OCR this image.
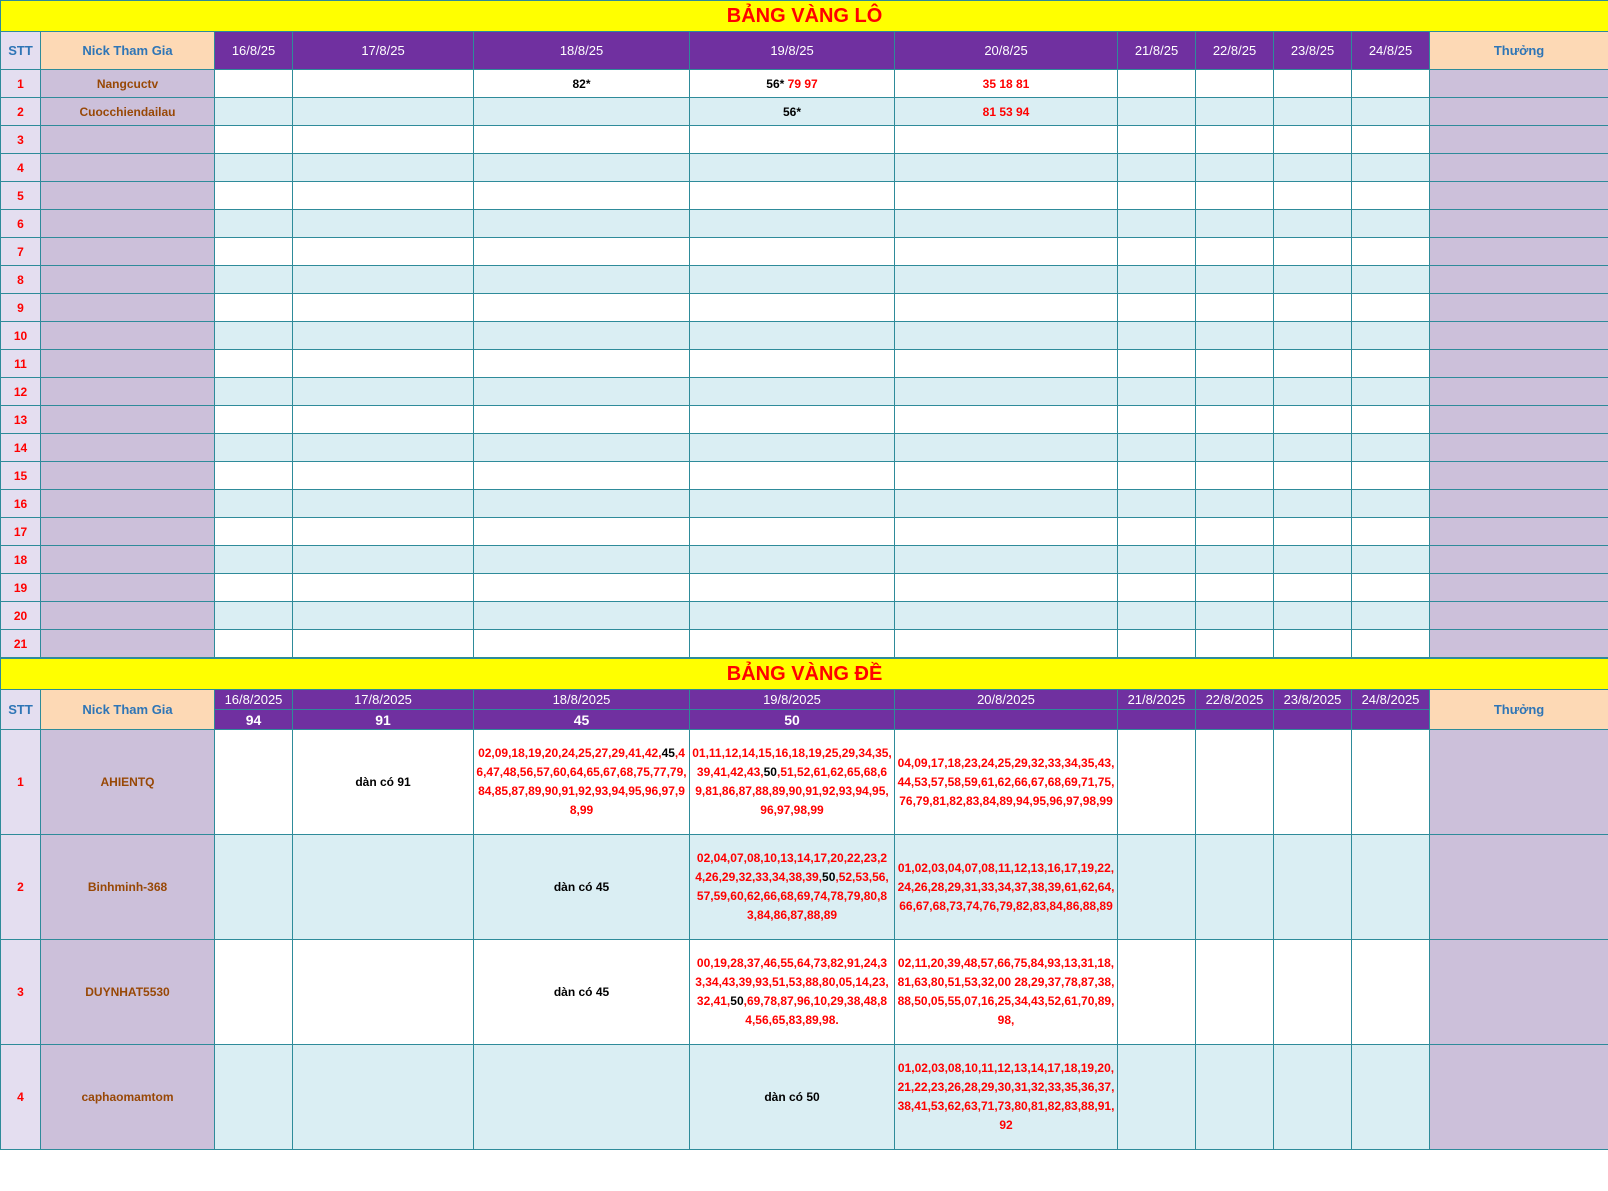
BẢNG VÀNG LÔ											
STT	Nick Tham Gia	16/8/25	17/8/25	18/8/25	19/8/25	20/8/25	21/8/25	22/8/25	23/8/25	24/8/25	Thưởng
1	Nangcuctv			82*	56* 79 97	35 18 81					
2	Cuocchiendailau				56*	81 53 94					
3											
4											
5											
6											
7											
8											
9											
10											
11											
12											
13											
14											
15											
16											
17											
18											
19											
20											
21											
BẢNG VÀNG ĐỀ											
STT	Nick Tham Gia	16/8/2025	17/8/2025	18/8/2025	19/8/2025	20/8/2025	21/8/2025	22/8/2025	23/8/2025	24/8/2025	Thưởng
		94	91	45	50						
1	AHIENTQ		dàn có 91	02,09,18,19,20,24,25,27,29,41,42,45,46,47,48,56,57,60,64,65,67,68,75,77,79,84,85,87,89,90,91,92,93,94,95,96,97,98,99	01,11,12,14,15,16,18,19,25,29,34,35,39,41,42,43,50,51,52,61,62,65,68,69,81,86,87,88,89,90,91,92,93,94,95,96,97,98,99	04,09,17,18,23,24,25,29,32,33,34,35,43,44,53,57,58,59,61,62,66,67,68,69,71,75,76,79,81,82,83,84,89,94,95,96,97,98,99					
2	Binhminh-368			dàn có 45	02,04,07,08,10,13,14,17,20,22,23,24,26,29,32,33,34,38,39,50,52,53,56,57,59,60,62,66,68,69,74,78,79,80,83,84,86,87,88,89	01,02,03,04,07,08,11,12,13,16,17,19,22,24,26,28,29,31,33,34,37,38,39,61,62,64,66,67,68,73,74,76,79,82,83,84,86,88,89					
3	DUYNHAT5530			dàn có 45	00,19,28,37,46,55,64,73,82,91,24,33,34,43,39,93,51,53,88,80,05,14,23,32,41,50,69,78,87,96,10,29,38,48,84,56,65,83,89,98.	02,11,20,39,48,57,66,75,84,93,13,31,18,81,63,80,51,53,32,00 28,29,37,78,87,38,88,50,05,55,07,16,25,34,43,52,61,70,89,98,					
4	caphaomamtom				dàn có 50	01,02,03,08,10,11,12,13,14,17,18,19,20,21,22,23,26,28,29,30,31,32,33,35,36,37,38,41,53,62,63,71,73,80,81,82,83,88,91,92					
